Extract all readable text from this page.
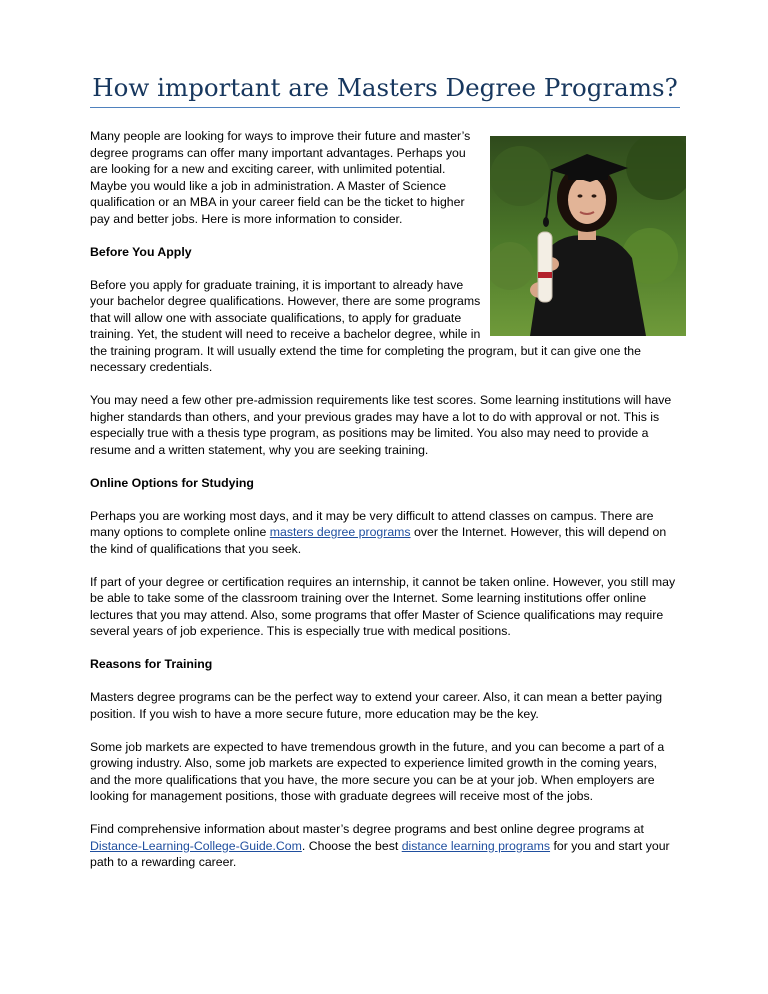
How important are Masters Degree Programs?

Many people are looking for ways to improve their future and master’s degree programs can offer many important advantages. Perhaps you are looking for a new and exciting career, with unlimited potential. Maybe you would like a job in administration. A Master of Science qualification or an MBA in your career field can be the ticket to higher pay and better jobs. Here is more information to consider.

Before You Apply

Before you apply for graduate training, it is important to already have your bachelor degree qualifications. However, there are some programs that will allow one with associate qualifications, to apply for graduate training. Yet, the student will need to receive a bachelor degree, while in the training program. It will usually extend the time for completing the program, but it can give one the necessary credentials.

You may need a few other pre-admission requirements like test scores. Some learning institutions will have higher standards than others, and your previous grades may have a lot to do with approval or not. This is especially true with a thesis type program, as positions may be limited. You also may need to provide a resume and a written statement, why you are seeking training.

Online Options for Studying

Perhaps you are working most days, and it may be very difficult to attend classes on campus. There are many options to complete online masters degree programs over the Internet. However, this will depend on the kind of qualifications that you seek.

If part of your degree or certification requires an internship, it cannot be taken online. However, you still may be able to take some of the classroom training over the Internet. Some learning institutions offer online lectures that you may attend. Also, some programs that offer Master of Science qualifications may require several years of job experience. This is especially true with medical positions.

Reasons for Training

Masters degree programs can be the perfect way to extend your career. Also, it can mean a better paying position. If you wish to have a more secure future, more education may be the key.

Some job markets are expected to have tremendous growth in the future, and you can become a part of a growing industry. Also, some job markets are expected to experience limited growth in the coming years, and the more qualifications that you have, the more secure you can be at your job. When employers are looking for management positions, those with graduate degrees will receive most of the jobs.

Find comprehensive information about master’s degree programs and best online degree programs at Distance-Learning-College-Guide.Com. Choose the best distance learning programs for you and start your path to a rewarding career.
